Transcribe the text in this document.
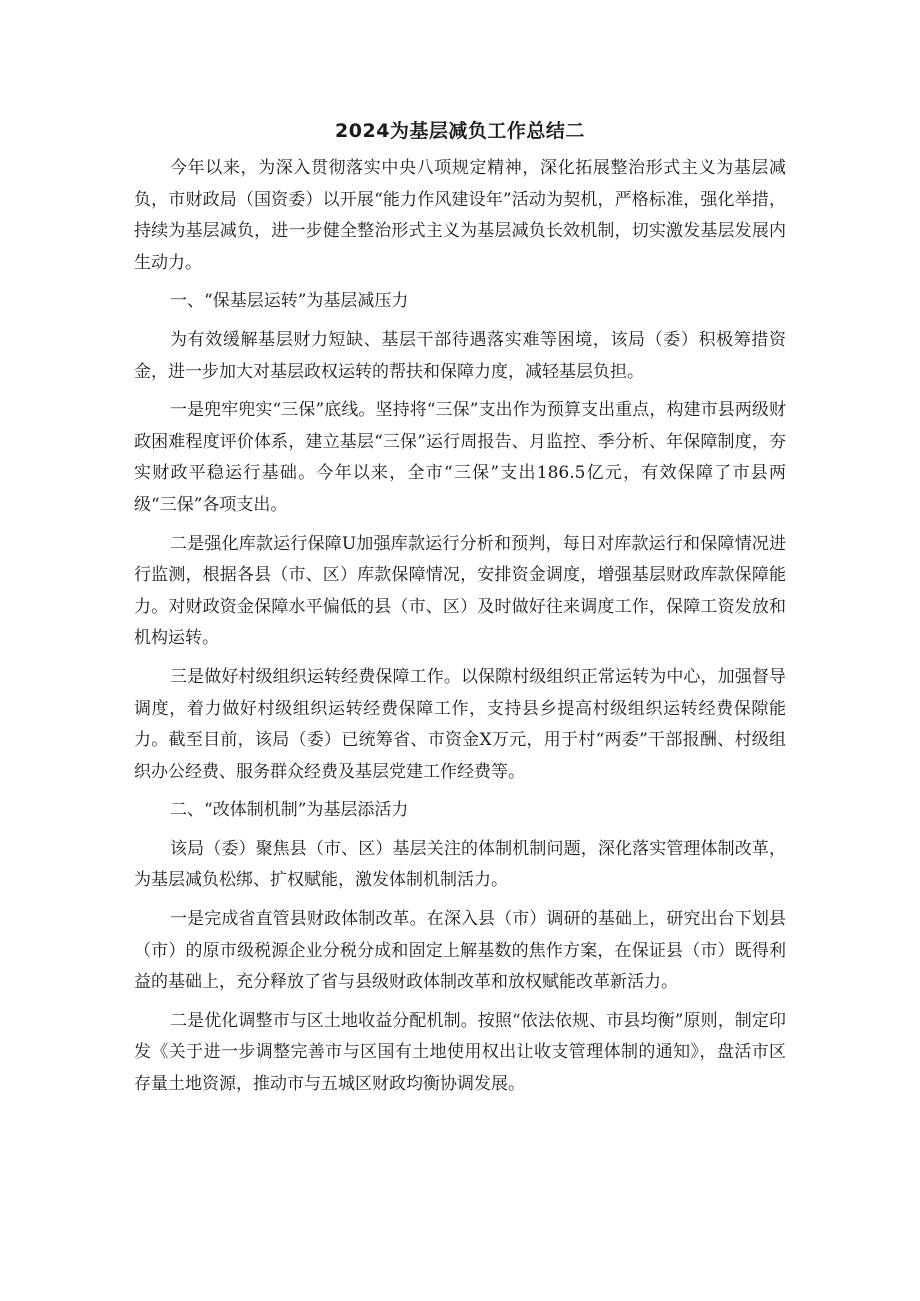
2024为基层减负工作总结二

今年以来，为深入贯彻落实中央八项规定精神，深化拓展整治形式主义为基层减负，市财政局（国资委）以开展“能力作风建设年”活动为契机，严格标准，强化举措，持续为基层减负，进一步健全整治形式主义为基层减负长效机制，切实激发基层发展内生动力。

一、“保基层运转”为基层减压力

为有效缓解基层财力短缺、基层干部待遇落实难等困境，该局（委）积极筹措资金，进一步加大对基层政权运转的帮扶和保障力度，减轻基层负担。

一是兜牢兜实“三保”底线。坚持将“三保”支出作为预算支出重点，构建市县两级财政困难程度评价体系，建立基层“三保”运行周报告、月监控、季分析、年保障制度，夯实财政平稳运行基础。今年以来，全市“三保”支出186.5亿元，有效保障了市县两级“三保”各项支出。

二是强化库款运行保障U加强库款运行分析和预判，每日对库款运行和保障情况进行监测，根据各县（市、区）库款保障情况，安排资金调度，增强基层财政库款保障能力。对财政资金保障水平偏低的县（市、区）及时做好往来调度工作，保障工资发放和机构运转。

三是做好村级组织运转经费保障工作。以保隙村级组织正常运转为中心，加强督导调度，着力做好村级组织运转经费保障工作，支持县乡提高村级组织运转经费保隙能力。截至目前，该局（委）已统筹省、市资金X万元，用于村“两委”干部报酬、村级组织办公经费、服务群众经费及基层党建工作经费等。

二、“改体制机制”为基层添活力

该局（委）聚焦县（市、区）基层关注的体制机制问题，深化落实管理体制改革，为基层减负松绑、扩权赋能，激发体制机制活力。

一是完成省直管县财政体制改革。在深入县（市）调研的基础上，研究出台下划县（市）的原市级税源企业分税分成和固定上解基数的焦作方案，在保证县（市）既得利益的基础上，充分释放了省与县级财政体制改革和放权赋能改革新活力。

二是优化调整市与区土地收益分配机制。按照“依法依规、市县均衡”原则，制定印发《关于进一步调整完善市与区国有土地使用权出让收支管理体制的通知》，盘活市区存量土地资源，推动市与五城区财政均衡协调发展。
